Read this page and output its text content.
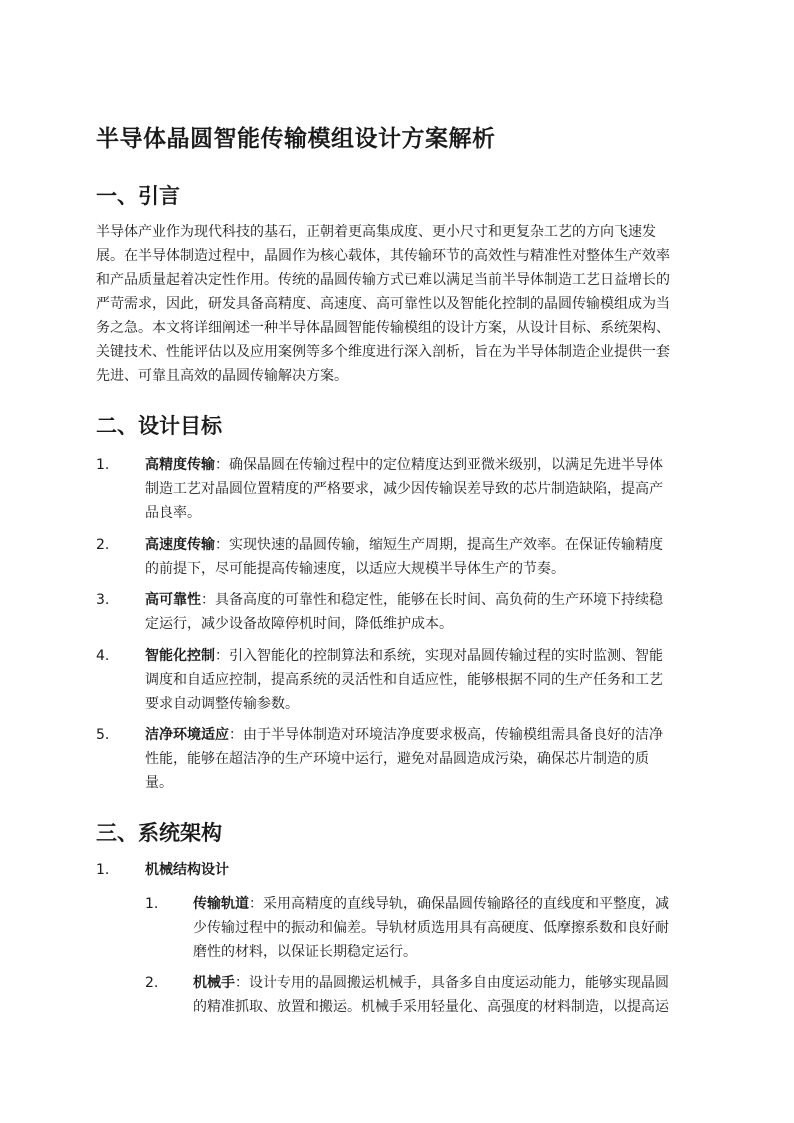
半导体晶圆智能传输模组设计方案解析
一、引言

半导体产业作为现代科技的基石，正朝着更高集成度、更小尺寸和更复杂工艺的方向飞速发
展。在半导体制造过程中，晶圆作为核心载体，其传输环节的高效性与精准性对整体生产效率
和产品质量起着决定性作用。传统的晶圆传输方式已难以满足当前半导体制造工艺日益增长的
严苛需求，因此，研发具备高精度、高速度、高可靠性以及智能化控制的晶圆传输模组成为当
务之急。本文将详细阐述一种半导体晶圆智能传输模组的设计方案，从设计目标、系统架构、
关键技术、性能评估以及应用案例等多个维度进行深入剖析，旨在为半导体制造企业提供一套
先进、可靠且高效的晶圆传输解决方案。

二、设计目标
1.	高精度传输：确保晶圆在传输过程中的定位精度达到亚微米级别，以满足先进半导体
制造工艺对晶圆位置精度的严格要求，减少因传输误差导致的芯片制造缺陷，提高产
品良率。
2.	高速度传输：实现快速的晶圆传输，缩短生产周期，提高生产效率。在保证传输精度
的前提下，尽可能提高传输速度，以适应大规模半导体生产的节奏。
3.	高可靠性：具备高度的可靠性和稳定性，能够在长时间、高负荷的生产环境下持续稳
定运行，减少设备故障停机时间，降低维护成本。
4.	智能化控制：引入智能化的控制算法和系统，实现对晶圆传输过程的实时监测、智能
调度和自适应控制，提高系统的灵活性和自适应性，能够根据不同的生产任务和工艺
要求自动调整传输参数。
5.	洁净环境适应：由于半导体制造对环境洁净度要求极高，传输模组需具备良好的洁净
性能，能够在超洁净的生产环境中运行，避免对晶圆造成污染，确保芯片制造的质
量。
三、系统架构
1.	机械结构设计
1.	传输轨道：采用高精度的直线导轨，确保晶圆传输路径的直线度和平整度，减
少传输过程中的振动和偏差。导轨材质选用具有高硬度、低摩擦系数和良好耐
磨性的材料，以保证长期稳定运行。
2.	机械手：设计专用的晶圆搬运机械手，具备多自由度运动能力，能够实现晶圆
的精准抓取、放置和搬运。机械手采用轻量化、高强度的材料制造，以提高运
